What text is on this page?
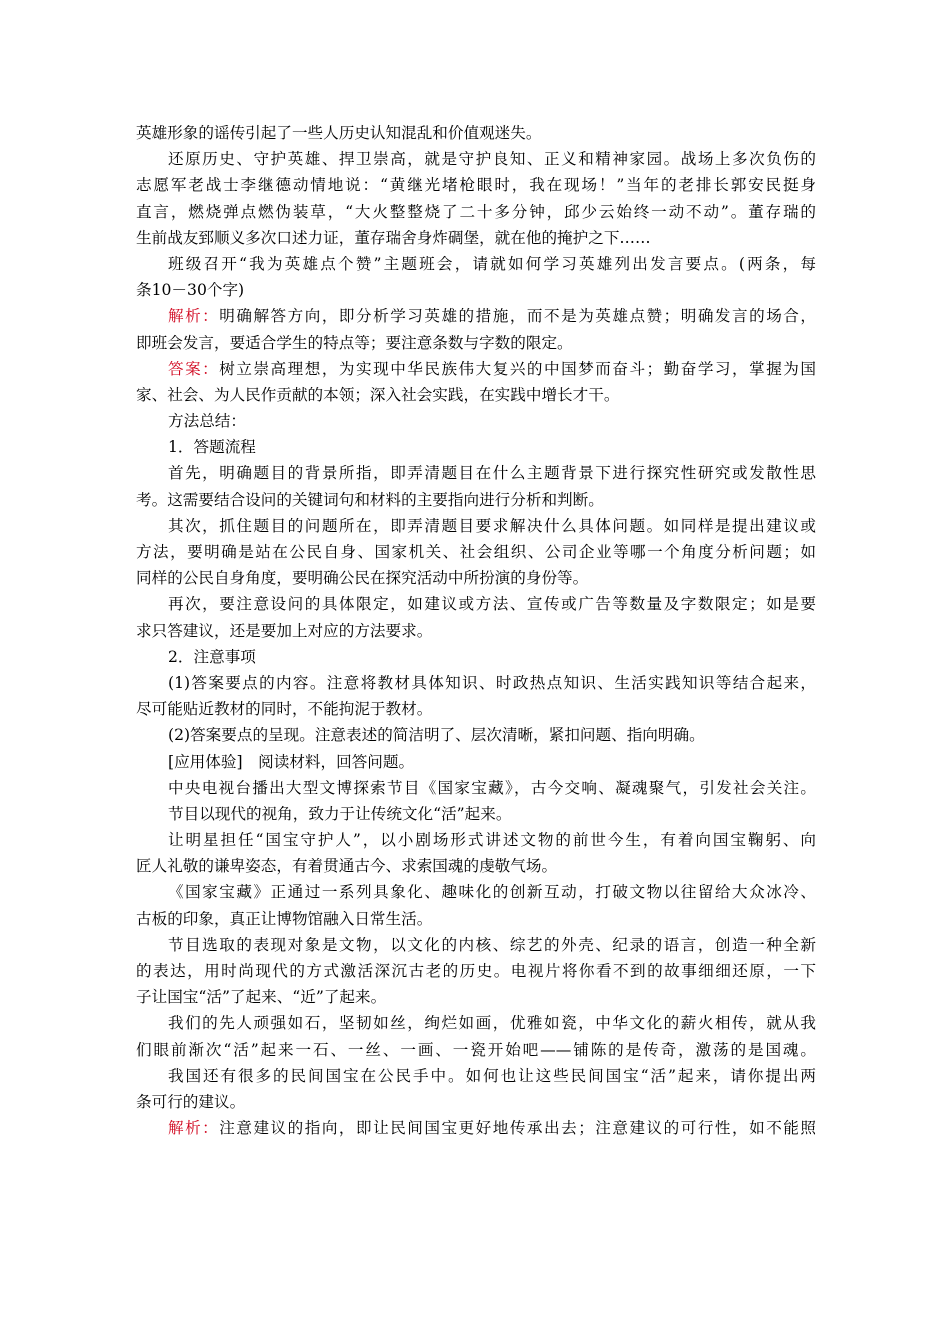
英雄形象的谣传引起了一些人历史认知混乱和价值观迷失。
还原历史、守护英雄、捍卫崇高，就是守护良知、正义和精神家园。战场上多次负伤的
志愿军老战士李继德动情地说：“黄继光堵枪眼时，我在现场！”当年的老排长郭安民挺身
直言，燃烧弹点燃伪装草，“大火整整烧了二十多分钟，邱少云始终一动不动”。董存瑞的
生前战友郅顺义多次口述力证，董存瑞舍身炸碉堡，就在他的掩护之下……
班级召开“我为英雄点个赞”主题班会，请就如何学习英雄列出发言要点。(两条，每
条10－30个字)
解析：明确解答方向，即分析学习英雄的措施，而不是为英雄点赞；明确发言的场合，
即班会发言，要适合学生的特点等；要注意条数与字数的限定。
答案：树立崇高理想，为实现中华民族伟大复兴的中国梦而奋斗；勤奋学习，掌握为国
家、社会、为人民作贡献的本领；深入社会实践，在实践中增长才干。
方法总结：
1．答题流程
首先，明确题目的背景所指，即弄清题目在什么主题背景下进行探究性研究或发散性思
考。这需要结合设问的关键词句和材料的主要指向进行分析和判断。
其次，抓住题目的问题所在，即弄清题目要求解决什么具体问题。如同样是提出建议或
方法，要明确是站在公民自身、国家机关、社会组织、公司企业等哪一个角度分析问题；如
同样的公民自身角度，要明确公民在探究活动中所扮演的身份等。
再次，要注意设问的具体限定，如建议或方法、宣传或广告等数量及字数限定；如是要
求只答建议，还是要加上对应的方法要求。
2．注意事项
(1)答案要点的内容。注意将教材具体知识、时政热点知识、生活实践知识等结合起来，
尽可能贴近教材的同时，不能拘泥于教材。
(2)答案要点的呈现。注意表述的简洁明了、层次清晰，紧扣问题、指向明确。
[应用体验]　阅读材料，回答问题。
中央电视台播出大型文博探索节目《国家宝藏》，古今交响、凝魂聚气，引发社会关注。
节目以现代的视角，致力于让传统文化“活”起来。
让明星担任“国宝守护人”，以小剧场形式讲述文物的前世今生，有着向国宝鞠躬、向
匠人礼敬的谦卑姿态，有着贯通古今、求索国魂的虔敬气场。
《国家宝藏》正通过一系列具象化、趣味化的创新互动，打破文物以往留给大众冰冷、
古板的印象，真正让博物馆融入日常生活。
节目选取的表现对象是文物，以文化的内核、综艺的外壳、纪录的语言，创造一种全新
的表达，用时尚现代的方式激活深沉古老的历史。电视片将你看不到的故事细细还原，一下
子让国宝“活”了起来、“近”了起来。
我们的先人顽强如石，坚韧如丝，绚烂如画，优雅如瓷，中华文化的薪火相传，就从我
们眼前渐次“活”起来一石、一丝、一画、一瓷开始吧——铺陈的是传奇，激荡的是国魂。
我国还有很多的民间国宝在公民手中。如何也让这些民间国宝“活”起来，请你提出两
条可行的建议。
解析：注意建议的指向，即让民间国宝更好地传承出去；注意建议的可行性，如不能照
